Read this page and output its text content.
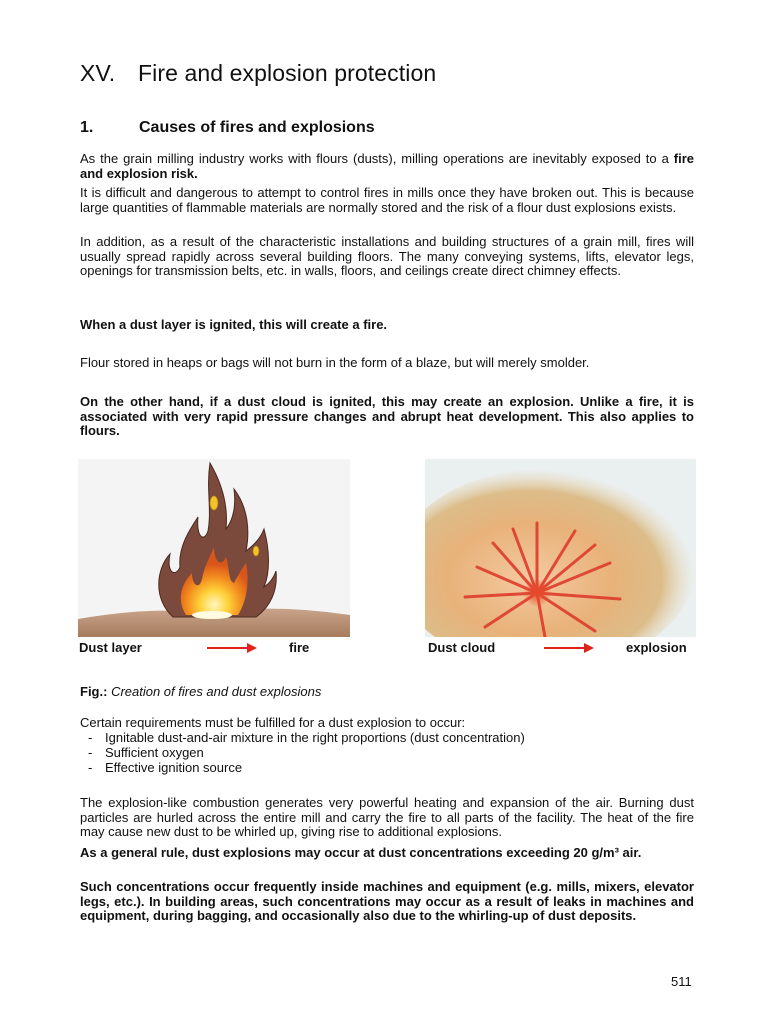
XV. Fire and explosion protection
1.	Causes of fires and explosions

As the grain milling industry works with flours (dusts), milling operations are inevitably exposed to a fire and explosion risk.

It is difficult and dangerous to attempt to control fires in mills once they have broken out. This is because large quantities of flammable materials are normally stored and the risk of a flour dust explosions exists.

In addition, as a result of the characteristic installations and building structures of a grain mill, fires will usually spread rapidly across several building floors. The many conveying systems, lifts, elevator legs, openings for transmission belts, etc. in walls, floors, and ceilings create direct chimney effects.

When a dust layer is ignited, this will create a fire.

Flour stored in heaps or bags will not burn in the form of a blaze, but will merely smolder.

On the other hand, if a dust cloud is ignited, this may create an explosion. Unlike a fire, it is associated with very rapid pressure changes and abrupt heat development. This also applies to flours.

Dust layer	fire	Dust cloud	explosion
Fig.: Creation of fires and dust explosions

Certain requirements must be fulfilled for a dust explosion to occur:

- Ignitable dust-and-air mixture in the right proportions (dust concentration)
- Sufficient oxygen
- Effective ignition source

The explosion-like combustion generates very powerful heating and expansion of the air. Burning dust particles are hurled across the entire mill and carry the fire to all parts of the facility. The heat of the fire may cause new dust to be whirled up, giving rise to additional explosions.

As a general rule, dust explosions may occur at dust concentrations exceeding 20 g/m³ air.

Such concentrations occur frequently inside machines and equipment (e.g. mills, mixers, elevator legs, etc.). In building areas, such concentrations may occur as a result of leaks in machines and equipment, during bagging, and occasionally also due to the whirling-up of dust deposits.

511
